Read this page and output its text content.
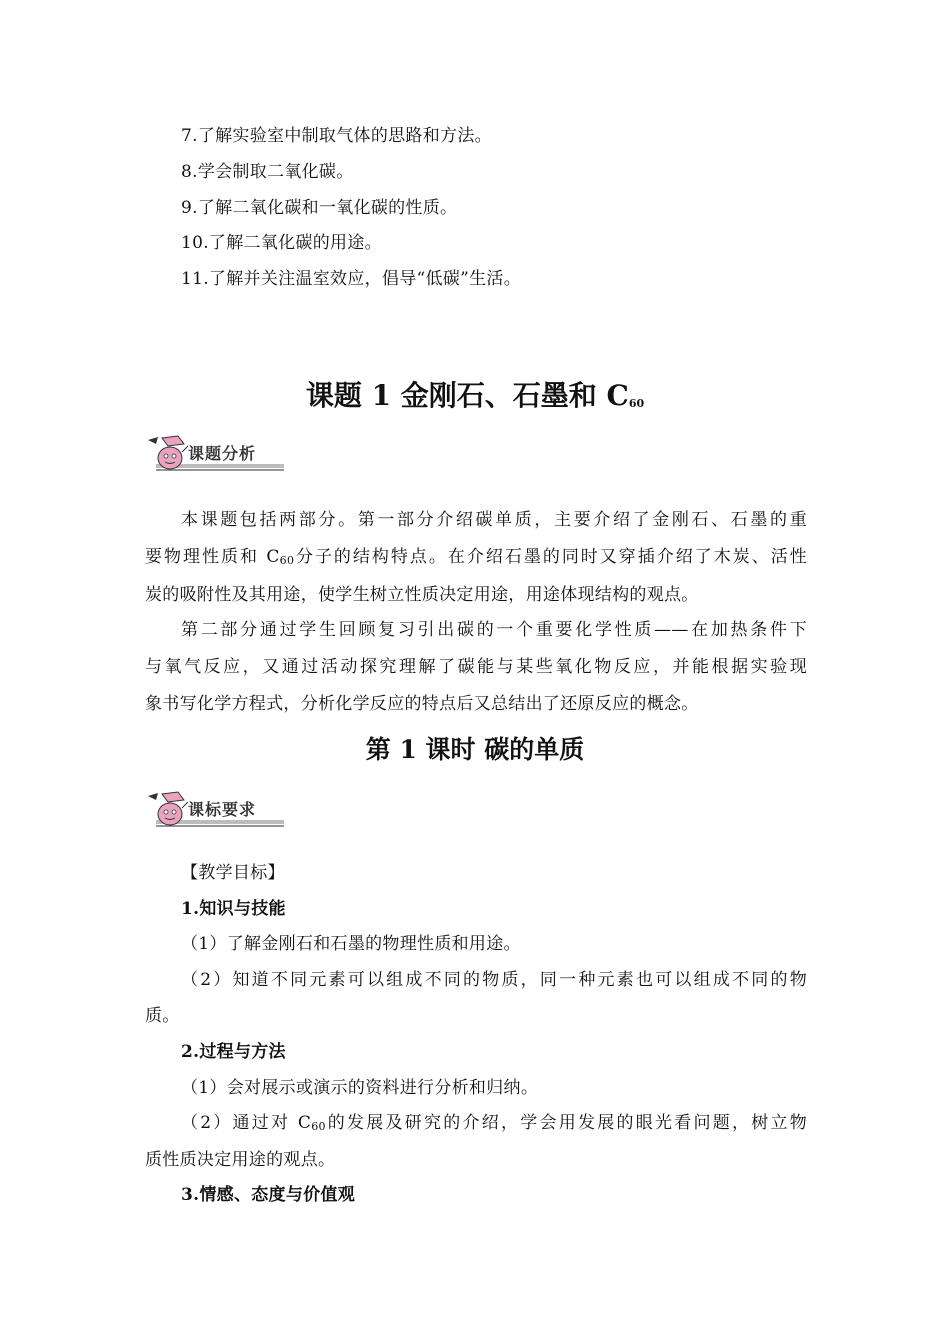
7.了解实验室中制取气体的思路和方法。
8.学会制取二氧化碳。
9.了解二氧化碳和一氧化碳的性质。
10.了解二氧化碳的用途。
11.了解并关注温室效应，倡导“低碳”生活。
课题 1 金刚石、石墨和 $C_{60}$
课题分析
本课题包括两部分。第一部分介绍碳单质，主要介绍了金刚石、石墨的重
要物理性质和 $C_{60}$分子的结构特点。在介绍石墨的同时又穿插介绍了木炭、活性
炭的吸附性及其用途，使学生树立性质决定用途，用途体现结构的观点。
第二部分通过学生回顾复习引出碳的一个重要化学性质——在加热条件下
与氧气反应，又通过活动探究理解了碳能与某些氧化物反应，并能根据实验现
象书写化学方程式，分析化学反应的特点后又总结出了还原反应的概念。
第 1 课时 碳的单质
课标要求
【教学目标】
1.知识与技能
（1）了解金刚石和石墨的物理性质和用途。
（2）知道不同元素可以组成不同的物质，同一种元素也可以组成不同的物
质。
2.过程与方法
（1）会对展示或演示的资料进行分析和归纳。
（2）通过对 $C_{60}$的发展及研究的介绍，学会用发展的眼光看问题，树立物
质性质决定用途的观点。
3.情感、态度与价值观
